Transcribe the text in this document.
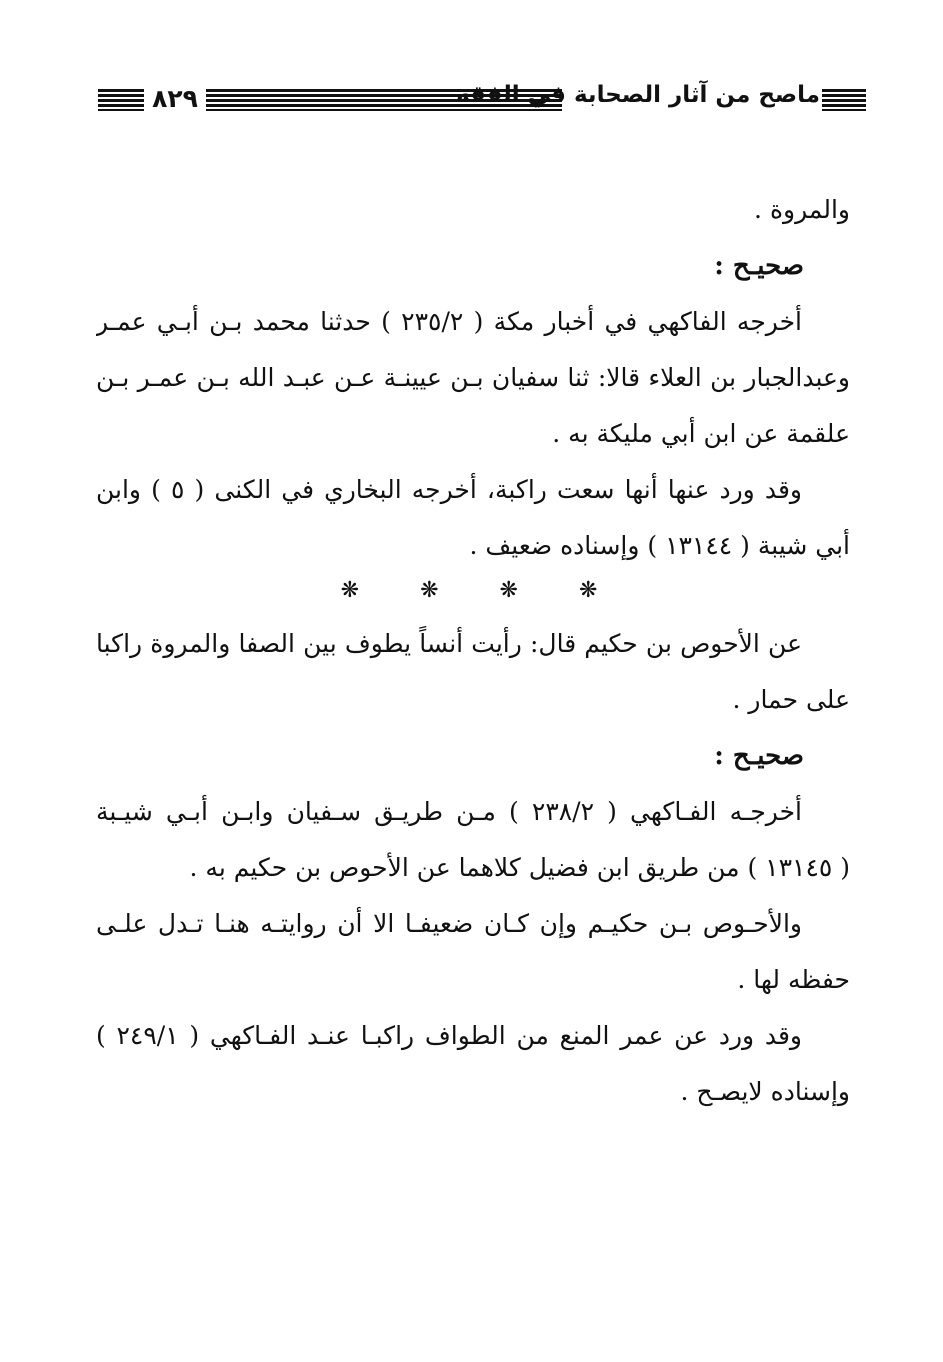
٨٢٩	ماصح من آثار الصحابة في الفقه
والمروة .
صحيـح :
أخرجه الفاكهي في أخبار مكة ( ٢٣٥/٢ ) حدثنا محمد بـن أبـي عمـر
وعبدالجبار بن العلاء قالا: ثنا سفيان بـن عيينـة عـن عبـد الله بـن عمـر بـن
علقمة عن ابن أبي مليكة به .
وقد ورد عنها أنها سعت راكبة، أخرجه البخاري في الكنى ( ٥ ) وابن
أبي شيبة ( ١٣١٤٤ ) وإسناده ضعيف .
❋	❋	❋	❋
عن الأحوص بن حكيم قال: رأيت أنساً يطوف بين الصفا والمروة راكبا
على حمار .
صحيـح :
أخرجـه الفـاكهي ( ٢٣٨/٢ ) مـن طريـق سـفيان وابـن أبـي شيـبة
( ١٣١٤٥ ) من طريق ابن فضيل كلاهما عن الأحوص بن حكيم به .
والأحـوص بـن حكيـم وإن كـان ضعيفـا الا أن روايتـه هنـا تـدل علـى
حفظه لها .
وقد ورد عن عمر المنع من الطواف راكبـا عنـد الفـاكهي ( ٢٤٩/١ )
وإسناده لايصـح .
